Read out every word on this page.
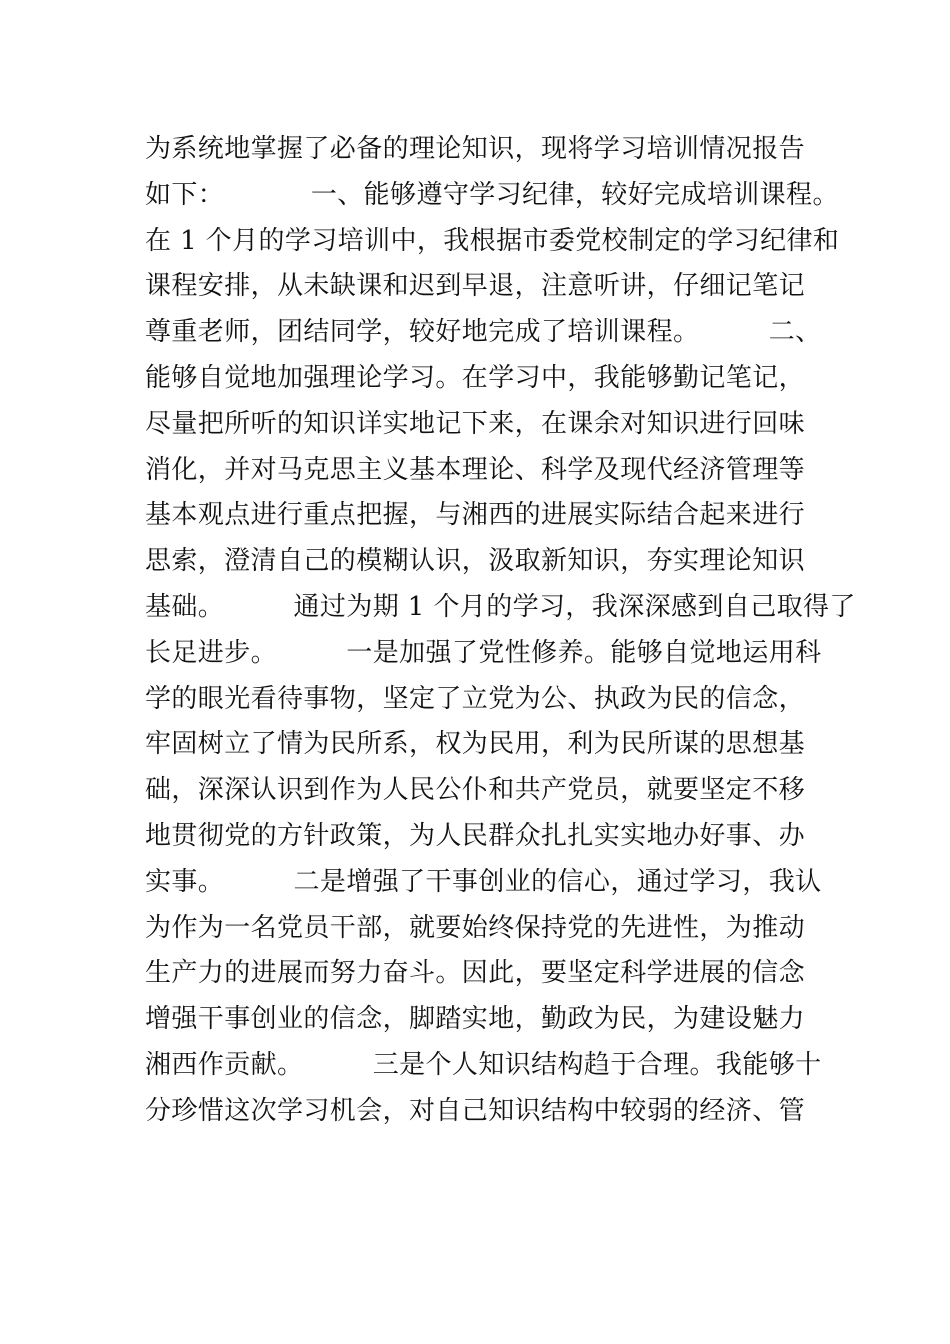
为系统地掌握了必备的理论知识，现将学习培训情况报告
如下：          一、能够遵守学习纪律，较好完成培训课程。
在 1 个月的学习培训中，我根据市委党校制定的学习纪律和
课程安排，从未缺课和迟到早退，注意听讲，仔细记笔记
尊重老师，团结同学，较好地完成了培训课程。        二、
能够自觉地加强理论学习。在学习中，我能够勤记笔记，
尽量把所听的知识详实地记下来，在课余对知识进行回味
消化，并对马克思主义基本理论、科学及现代经济管理等
基本观点进行重点把握，与湘西的进展实际结合起来进行
思索，澄清自己的模糊认识，汲取新知识，夯实理论知识
基础。        通过为期 1 个月的学习，我深深感到自己取得了
长足进步。        一是加强了党性修养。能够自觉地运用科
学的眼光看待事物，坚定了立党为公、执政为民的信念，
牢固树立了情为民所系，权为民用，利为民所谋的思想基
础，深深认识到作为人民公仆和共产党员，就要坚定不移
地贯彻党的方针政策，为人民群众扎扎实实地办好事、办
实事。        二是增强了干事创业的信心，通过学习，我认
为作为一名党员干部，就要始终保持党的先进性，为推动
生产力的进展而努力奋斗。因此，要坚定科学进展的信念
增强干事创业的信念，脚踏实地，勤政为民，为建设魅力
湘西作贡献。        三是个人知识结构趋于合理。我能够十
分珍惜这次学习机会，对自己知识结构中较弱的经济、管
